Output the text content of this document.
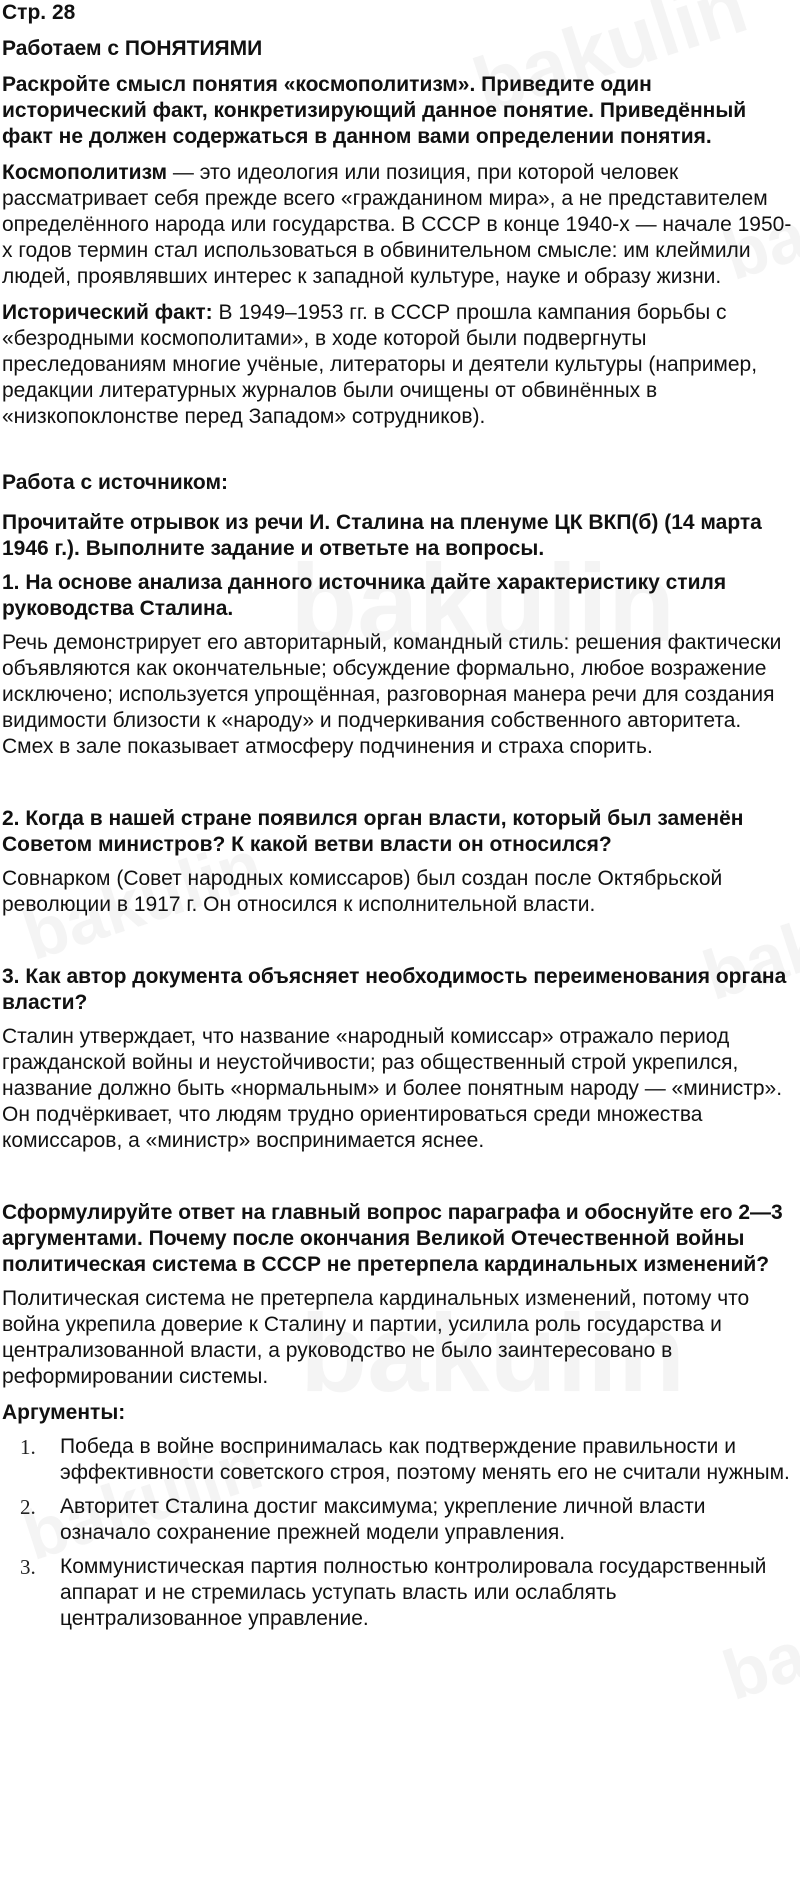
Стр. 28
Работаем с ПОНЯТИЯМИ
Раскройте смысл понятия «космополитизм». Приведите один исторический факт, конкретизирующий данное понятие. Приведённый факт не должен содержаться в данном вами определении понятия.

Космополитизм — это идеология или позиция, при которой человек рассматривает себя прежде всего «гражданином мира», а не представителем определённого народа или государства. В СССР в конце 1940-х — начале 1950-х годов термин стал использоваться в обвинительном смысле: им клеймили людей, проявлявших интерес к западной культуре, науке и образу жизни.

Исторический факт: В 1949–1953 гг. в СССР прошла кампания борьбы с «безродными космополитами», в ходе которой были подвергнуты преследованиям многие учёные, литераторы и деятели культуры (например, редакции литературных журналов были очищены от обвинённых в «низкопоклонстве перед Западом» сотрудников).

Работа с источником:
Прочитайте отрывок из речи И. Сталина на пленуме ЦК ВКП(б) (14 марта 1946 г.). Выполните задание и ответьте на вопросы.
1. На основе анализа данного источника дайте характеристику стиля руководства Сталина.

Речь демонстрирует его авторитарный, командный стиль: решения фактически объявляются как окончательные; обсуждение формально, любое возражение исключено; используется упрощённая, разговорная манера речи для создания видимости близости к «народу» и подчеркивания собственного авторитета. Смех в зале показывает атмосферу подчинения и страха спорить.

2. Когда в нашей стране появился орган власти, который был заменён Советом министров? К какой ветви власти он относился?

Совнарком (Совет народных комиссаров) был создан после Октябрьской революции в 1917 г. Он относился к исполнительной власти.

3. Как автор документа объясняет необходимость переименования органа власти?

Сталин утверждает, что название «народный комиссар» отражало период гражданской войны и неустойчивости; раз общественный строй укрепился, название должно быть «нормальным» и более понятным народу — «министр». Он подчёркивает, что людям трудно ориентироваться среди множества комиссаров, а «министр» воспринимается яснее.

Сформулируйте ответ на главный вопрос параграфа и обоснуйте его 2—3 аргументами. Почему после окончания Великой Отечественной войны политическая система в СССР не претерпела кардинальных изменений?

Политическая система не претерпела кардинальных изменений, потому что война укрепила доверие к Сталину и партии, усилила роль государства и централизованной власти, а руководство не было заинтересовано в реформировании системы.

Аргументы:
1.	Победа в войне воспринималась как подтверждение правильности и эффективности советского строя, поэтому менять его не считали нужным.
2.	Авторитет Сталина достиг максимума; укрепление личной власти означало сохранение прежней модели управления.
3.	Коммунистическая партия полностью контролировала государственный аппарат и не стремилась уступать власть или ослаблять централизованное управление.
